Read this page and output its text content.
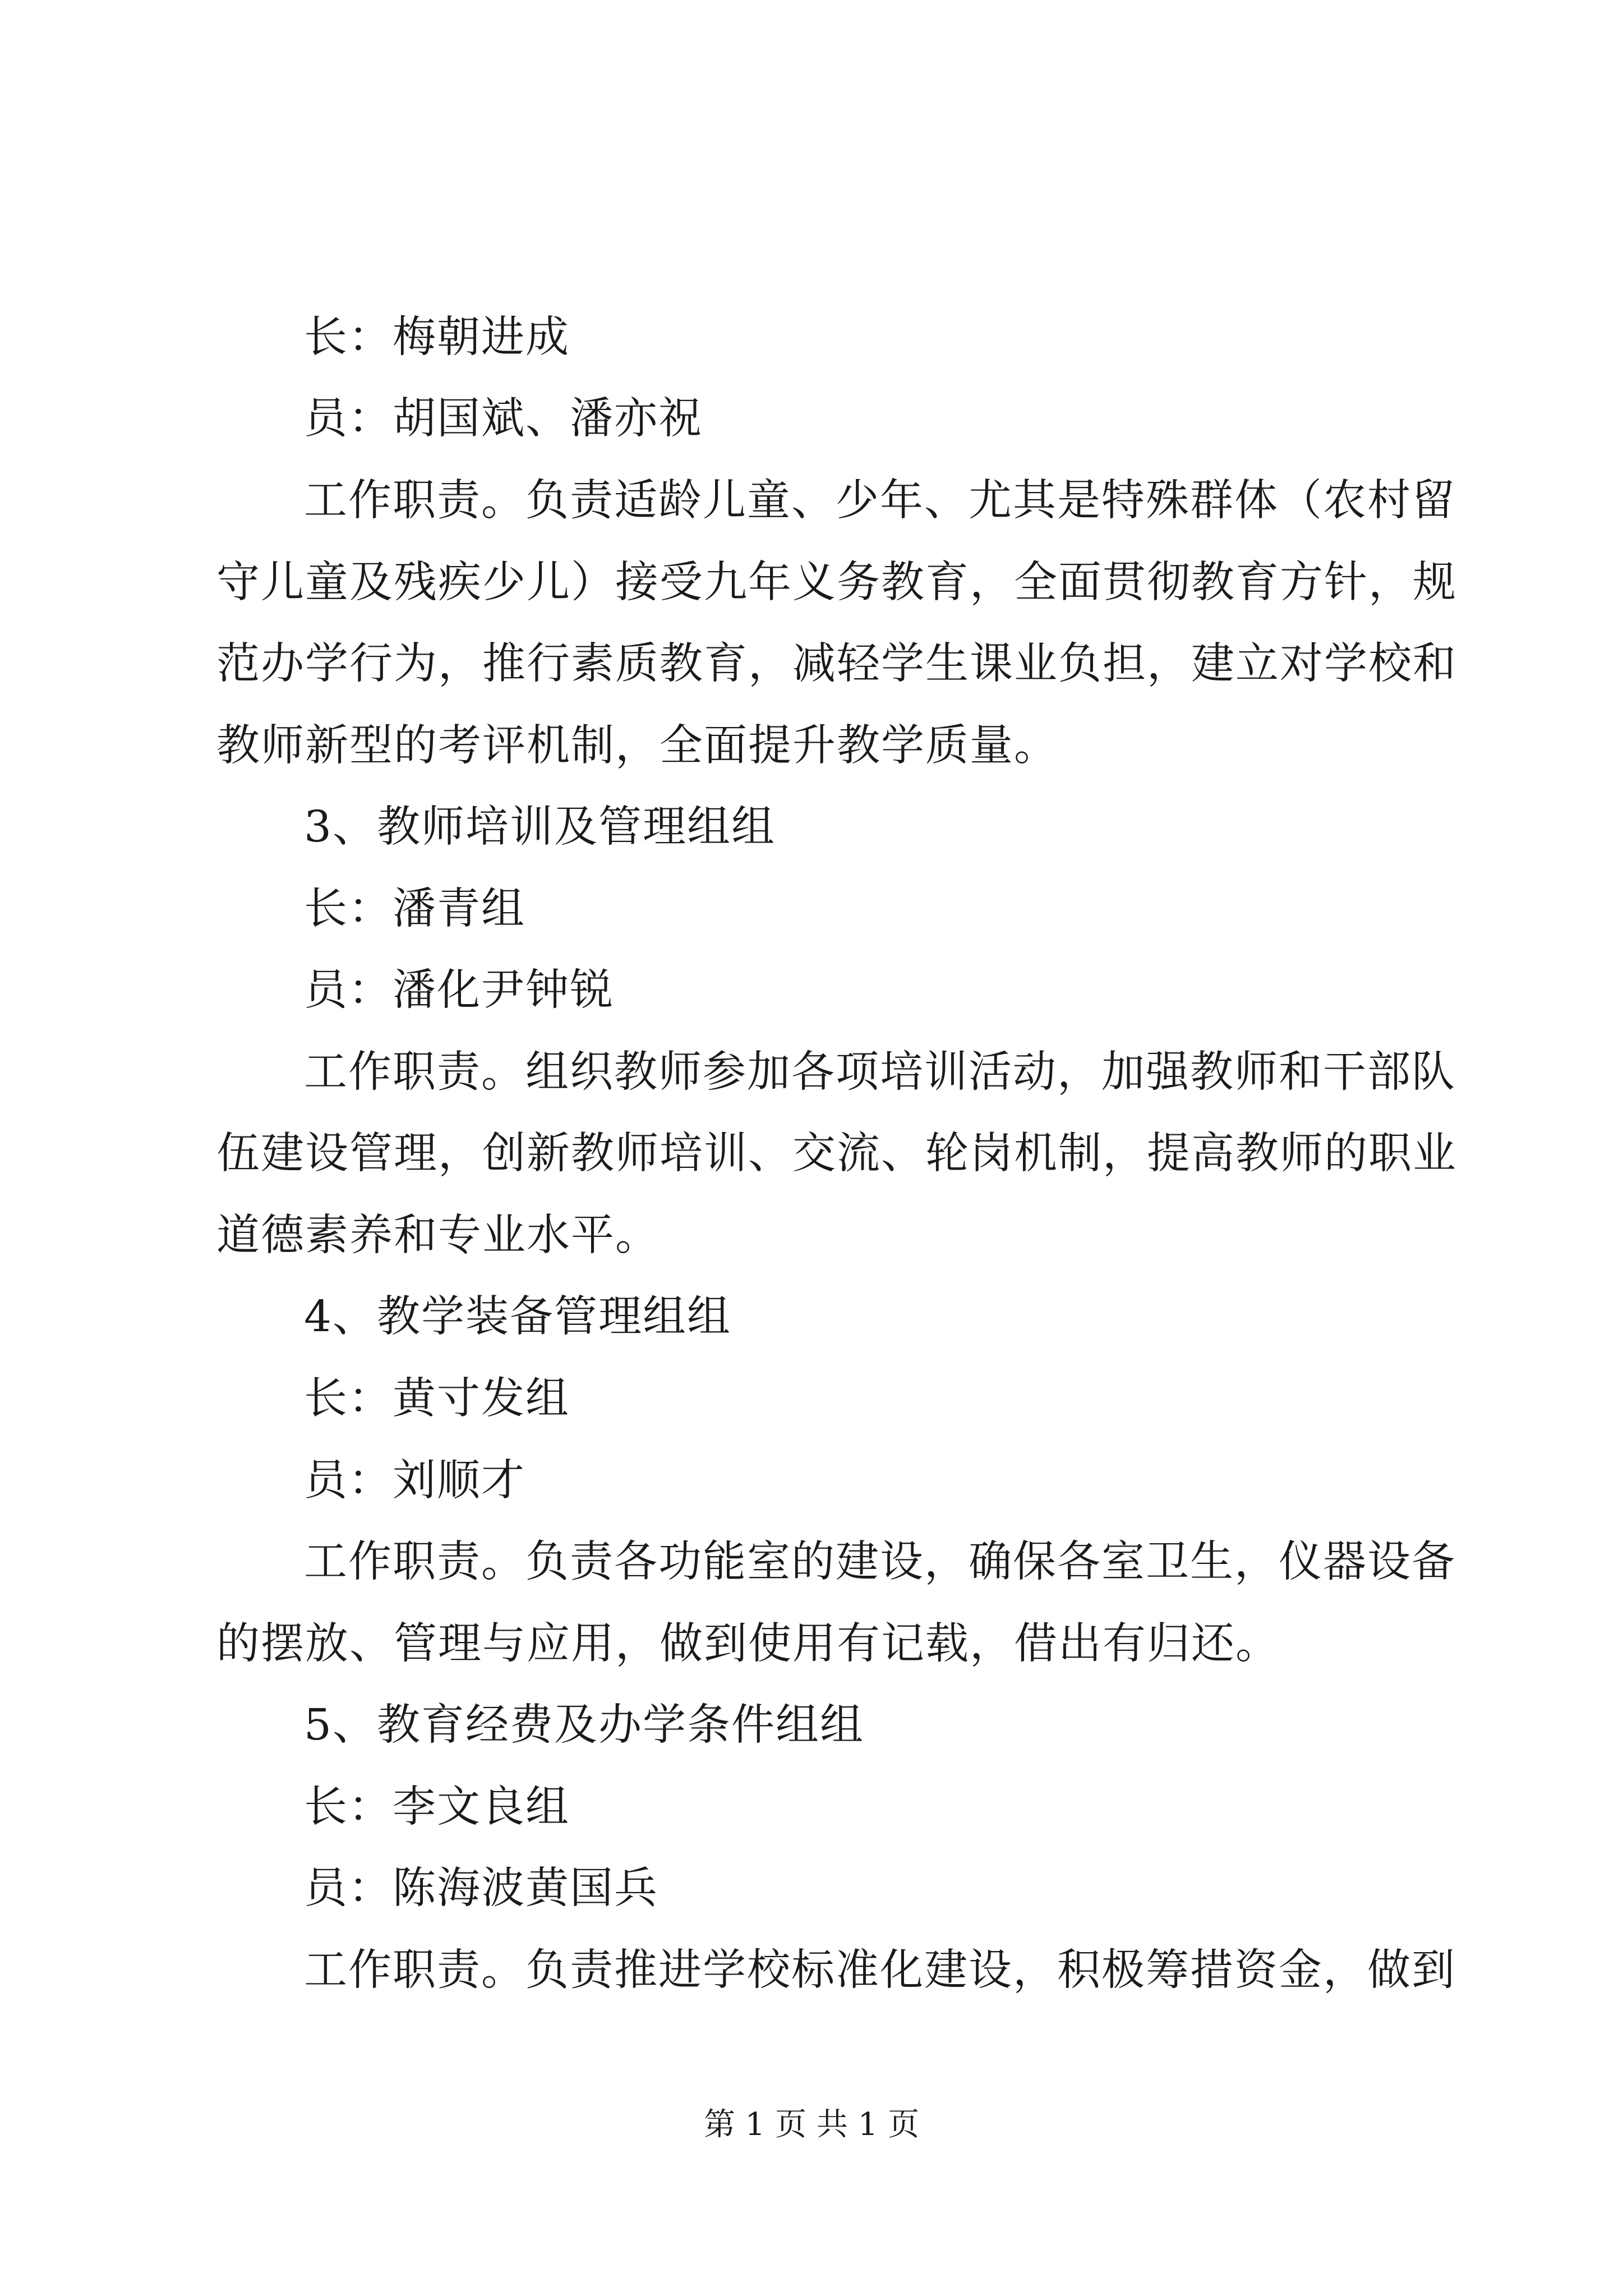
长：梅朝进成
员：胡国斌、潘亦祝
工作职责。负责适龄儿童、少年、尤其是特殊群体（农村留
守儿童及残疾少儿）接受九年义务教育，全面贯彻教育方针，规
范办学行为，推行素质教育，减轻学生课业负担，建立对学校和
教师新型的考评机制，全面提升教学质量。
3、教师培训及管理组组
长：潘青组
员：潘化尹钟锐
工作职责。组织教师参加各项培训活动，加强教师和干部队
伍建设管理，创新教师培训、交流、轮岗机制，提高教师的职业
道德素养和专业水平。
4、教学装备管理组组
长：黄寸发组
员：刘顺才
工作职责。负责各功能室的建设，确保各室卫生，仪器设备
的摆放、管理与应用，做到使用有记载，借出有归还。
5、教育经费及办学条件组组
长：李文良组
员：陈海波黄国兵
工作职责。负责推进学校标准化建设，积极筹措资金，做到
第 1 页 共 1 页
